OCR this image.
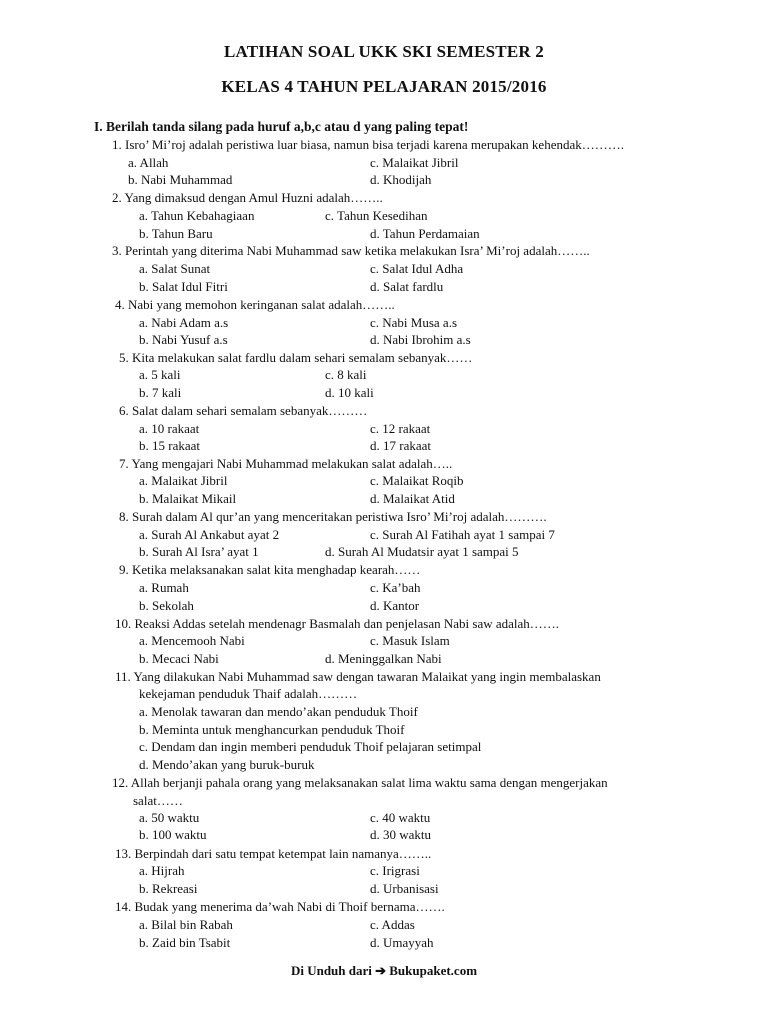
LATIHAN SOAL UKK SKI SEMESTER 2
KELAS 4 TAHUN PELAJARAN 2015/2016
I. Berilah tanda silang pada huruf a,b,c atau d yang paling tepat!
1. Isro’ Mi’roj adalah peristiwa luar biasa, namun bisa terjadi karena merupakan kehendak……….
a. Allah	c. Malaikat Jibril
b. Nabi Muhammad	d. Khodijah
2. Yang dimaksud dengan Amul Huzni adalah……..
a. Tahun Kebahagiaan	c. Tahun Kesedihan
b. Tahun Baru	d. Tahun Perdamaian
3. Perintah yang diterima Nabi Muhammad saw ketika melakukan Isra’ Mi’roj adalah……..
a. Salat Sunat	c. Salat Idul Adha
b. Salat Idul Fitri	d. Salat fardlu
4. Nabi yang memohon keringanan salat adalah……..
a. Nabi Adam a.s	c. Nabi Musa a.s
b. Nabi Yusuf a.s	d. Nabi Ibrohim a.s
5. Kita melakukan salat fardlu dalam sehari semalam sebanyak……
a. 5 kali	c. 8 kali
b. 7 kali	d. 10 kali
6. Salat dalam sehari semalam sebanyak………
a. 10 rakaat	c. 12 rakaat
b. 15 rakaat	d. 17 rakaat
7. Yang mengajari Nabi Muhammad melakukan salat adalah…..
a. Malaikat Jibril	c. Malaikat Roqib
b. Malaikat Mikail	d. Malaikat Atid
8. Surah dalam Al qur’an yang menceritakan peristiwa Isro’ Mi’roj adalah……….
a. Surah Al Ankabut ayat 2	c. Surah Al Fatihah ayat 1 sampai 7
b. Surah Al Isra’ ayat 1	d. Surah Al Mudatsir ayat 1 sampai 5
9. Ketika melaksanakan salat kita menghadap kearah……
a. Rumah	c. Ka’bah
b. Sekolah	d. Kantor
10. Reaksi Addas setelah mendenagr Basmalah dan penjelasan Nabi saw adalah…….
a. Mencemooh Nabi	c. Masuk Islam
b. Mecaci Nabi	d. Meninggalkan Nabi
11. Yang dilakukan Nabi Muhammad saw dengan tawaran Malaikat yang ingin membalaskan
kekejaman penduduk Thaif adalah………
a. Menolak tawaran dan mendo’akan penduduk Thoif
b. Meminta untuk menghancurkan penduduk Thoif
c. Dendam dan ingin memberi penduduk Thoif pelajaran setimpal
d. Mendo’akan yang buruk-buruk
12. Allah berjanji pahala orang yang melaksanakan salat lima waktu sama dengan mengerjakan
salat……
a. 50 waktu	c. 40 waktu
b. 100 waktu	d. 30 waktu
13. Berpindah dari satu tempat ketempat lain namanya……..
a. Hijrah	c. Irigrasi
b. Rekreasi	d. Urbanisasi
14. Budak yang menerima da’wah Nabi di Thoif bernama…….
a. Bilal bin Rabah	c. Addas
b. Zaid bin Tsabit	d. Umayyah
Di Unduh dari ➔ Bukupaket.com
